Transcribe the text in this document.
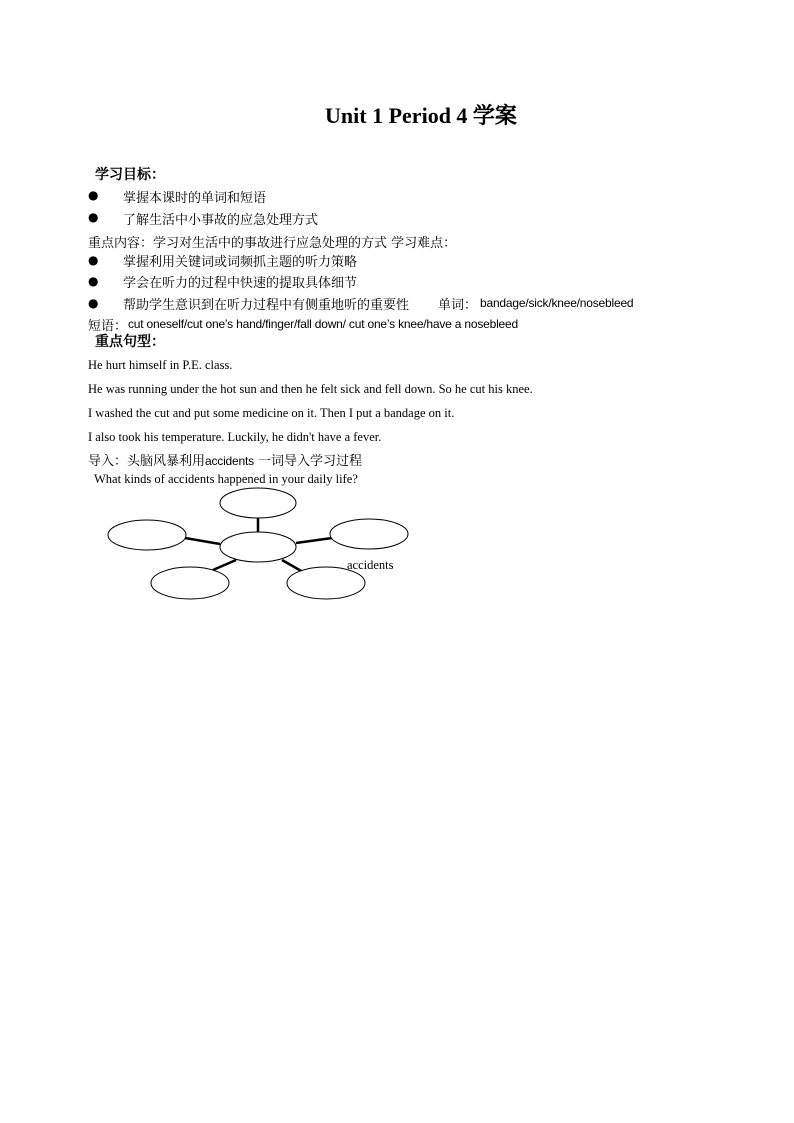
Unit 1 Period 4 学案
学习目标：
● 掌握本课时的单词和短语
● 了解生活中小事故的应急处理方式
重点内容：学习对生活中的事故进行应急处理的方式 学习难点：
● 掌握利用关键词或词频抓主题的听力策略
● 学会在听力的过程中快速的提取具体细节
● 帮助学生意识到在听力过程中有侧重地听的重要性 单词： bandage/sick/knee/nosebleed
短语： cut oneself/cut one’s hand/finger/fall down/ cut one’s knee/have a nosebleed
重点句型：
He hurt himself in P.E. class.
He was running under the hot sun and then he felt sick and fell down. So he cut his knee.
I washed the cut and put some medicine on it. Then I put a bandage on it.
I also took his temperature. Luckily, he didn't have a fever.
导入：头脑风暴利用accidents 一词导入学习过程
What kinds of accidents happened in your daily life?
accidents
